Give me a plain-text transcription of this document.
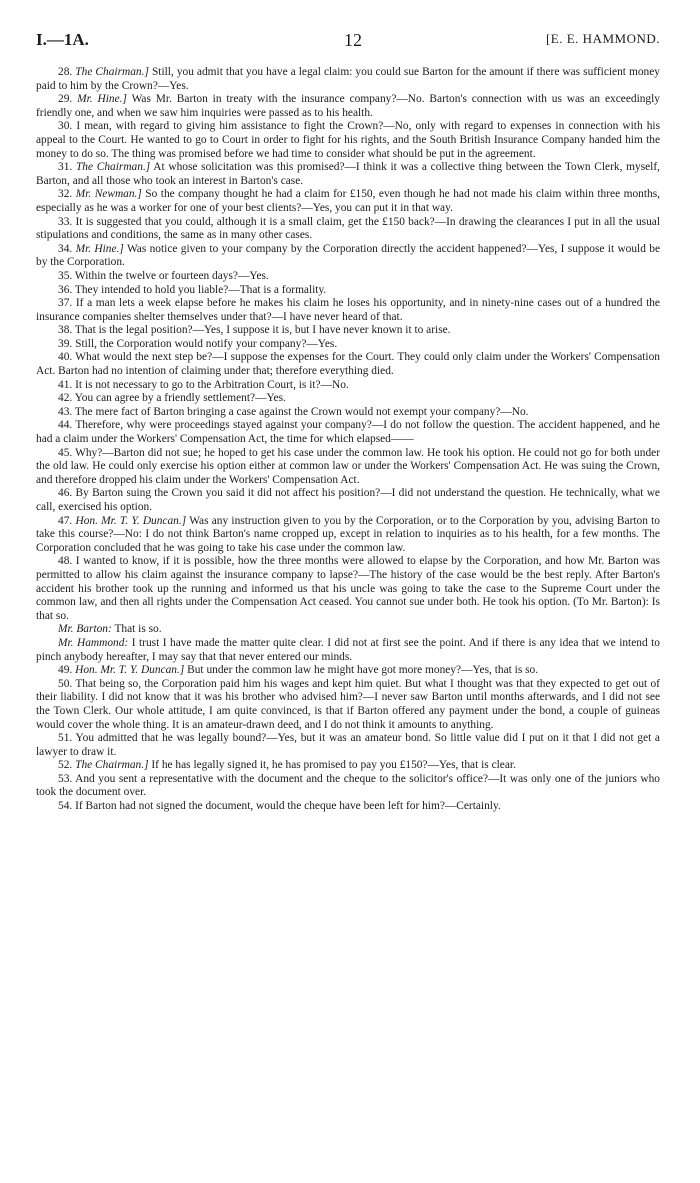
I.—1A.	12	[E. E. HAMMOND.

28. The Chairman.] Still, you admit that you have a legal claim: you could sue Barton for the amount if there was sufficient money paid to him by the Crown?—Yes.

29. Mr. Hine.] Was Mr. Barton in treaty with the insurance company?—No. Barton's connection with us was an exceedingly friendly one, and when we saw him inquiries were passed as to his health.

30. I mean, with regard to giving him assistance to fight the Crown?—No, only with regard to expenses in connection with his appeal to the Court. He wanted to go to Court in order to fight for his rights, and the South British Insurance Company handed him the money to do so. The thing was promised before we had time to consider what should be put in the agreement.

31. The Chairman.] At whose solicitation was this promised?—I think it was a collective thing between the Town Clerk, myself, Barton, and all those who took an interest in Barton's case.

32. Mr. Newman.] So the company thought he had a claim for £150, even though he had not made his claim within three months, especially as he was a worker for one of your best clients?—Yes, you can put it in that way.

33. It is suggested that you could, although it is a small claim, get the £150 back?—In drawing the clearances I put in all the usual stipulations and conditions, the same as in many other cases.

34. Mr. Hine.] Was notice given to your company by the Corporation directly the accident happened?—Yes, I suppose it would be by the Corporation.

35. Within the twelve or fourteen days?—Yes.

36. They intended to hold you liable?—That is a formality.

37. If a man lets a week elapse before he makes his claim he loses his opportunity, and in ninety-nine cases out of a hundred the insurance companies shelter themselves under that?—I have never heard of that.

38. That is the legal position?—Yes, I suppose it is, but I have never known it to arise.

39. Still, the Corporation would notify your company?—Yes.

40. What would the next step be?—I suppose the expenses for the Court. They could only claim under the Workers' Compensation Act. Barton had no intention of claiming under that; therefore everything died.

41. It is not necessary to go to the Arbitration Court, is it?—No.

42. You can agree by a friendly settlement?—Yes.

43. The mere fact of Barton bringing a case against the Crown would not exempt your company?—No.

44. Therefore, why were proceedings stayed against your company?—I do not follow the question. The accident happened, and he had a claim under the Workers' Compensation Act, the time for which elapsed——

45. Why?—Barton did not sue; he hoped to get his case under the common law. He took his option. He could not go for both under the old law. He could only exercise his option either at common law or under the Workers' Compensation Act. He was suing the Crown, and therefore dropped his claim under the Workers' Compensation Act.

46. By Barton suing the Crown you said it did not affect his position?—I did not understand the question. He technically, what we call, exercised his option.

47. Hon. Mr. T. Y. Duncan.] Was any instruction given to you by the Corporation, or to the Corporation by you, advising Barton to take this course?—No: I do not think Barton's name cropped up, except in relation to inquiries as to his health, for a few months. The Corporation concluded that he was going to take his case under the common law.

48. I wanted to know, if it is possible, how the three months were allowed to elapse by the Corporation, and how Mr. Barton was permitted to allow his claim against the insurance company to lapse?—The history of the case would be the best reply. After Barton's accident his brother took up the running and informed us that his uncle was going to take the case to the Supreme Court under the common law, and then all rights under the Compensation Act ceased. You cannot sue under both. He took his option. (To Mr. Barton): Is that so.

Mr. Barton: That is so.

Mr. Hammond: I trust I have made the matter quite clear. I did not at first see the point. And if there is any idea that we intend to pinch anybody hereafter, I may say that that never entered our minds.

49. Hon. Mr. T. Y. Duncan.] But under the common law he might have got more money?—Yes, that is so.

50. That being so, the Corporation paid him his wages and kept him quiet. But what I thought was that they expected to get out of their liability. I did not know that it was his brother who advised him?—I never saw Barton until months afterwards, and I did not see the Town Clerk. Our whole attitude, I am quite convinced, is that if Barton offered any payment under the bond, a couple of guineas would cover the whole thing. It is an amateur-drawn deed, and I do not think it amounts to anything.

51. You admitted that he was legally bound?—Yes, but it was an amateur bond. So little value did I put on it that I did not get a lawyer to draw it.

52. The Chairman.] If he has legally signed it, he has promised to pay you £150?—Yes, that is clear.

53. And you sent a representative with the document and the cheque to the solicitor's office?—It was only one of the juniors who took the document over.

54. If Barton had not signed the document, would the cheque have been left for him?—Certainly.
